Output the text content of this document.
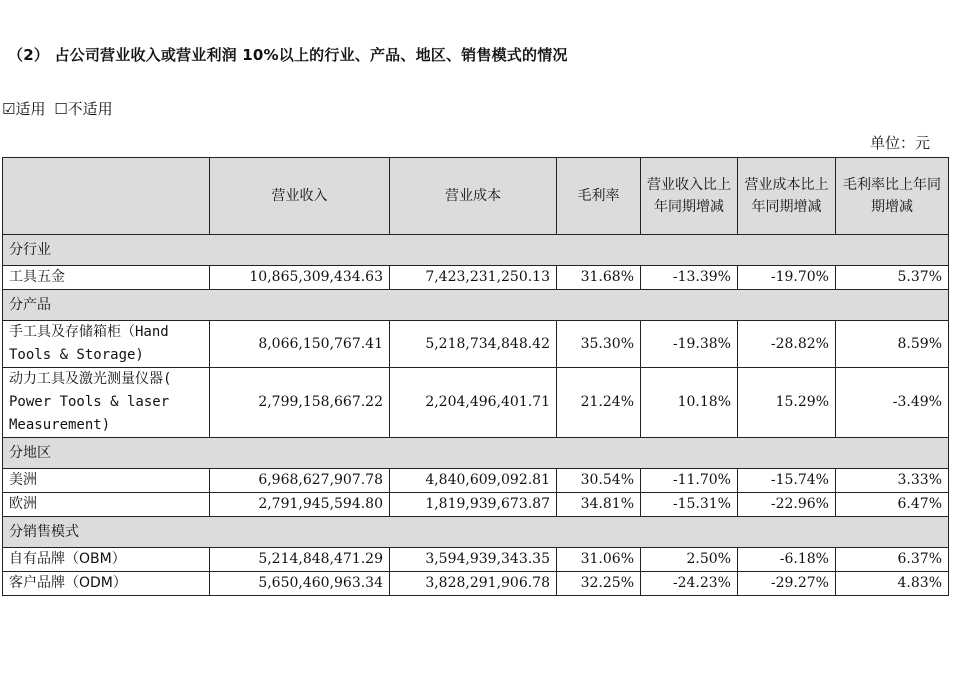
（2） 占公司营业收入或营业利润 10%以上的行业、产品、地区、销售模式的情况
☑适用 ☐不适用
单位：元
	营业收入	营业成本	毛利率	营业收入比上年同期增减	营业成本比上年同期增减	毛利率比上年同期增减
分行业						
工具五金	10,865,309,434.63	7,423,231,250.13	31.68%	-13.39%	-19.70%	5.37%
分产品						
手工具及存储箱柜（Hand Tools & Storage)	8,066,150,767.41	5,218,734,848.42	35.30%	-19.38%	-28.82%	8.59%
动力工具及激光测量仪器( Power Tools & laser Measurement)	2,799,158,667.22	2,204,496,401.71	21.24%	10.18%	15.29%	-3.49%
分地区						
美洲	6,968,627,907.78	4,840,609,092.81	30.54%	-11.70%	-15.74%	3.33%
欧洲	2,791,945,594.80	1,819,939,673.87	34.81%	-15.31%	-22.96%	6.47%
分销售模式						
自有品牌（OBM）	5,214,848,471.29	3,594,939,343.35	31.06%	2.50%	-6.18%	6.37%
客户品牌（ODM）	5,650,460,963.34	3,828,291,906.78	32.25%	-24.23%	-29.27%	4.83%
